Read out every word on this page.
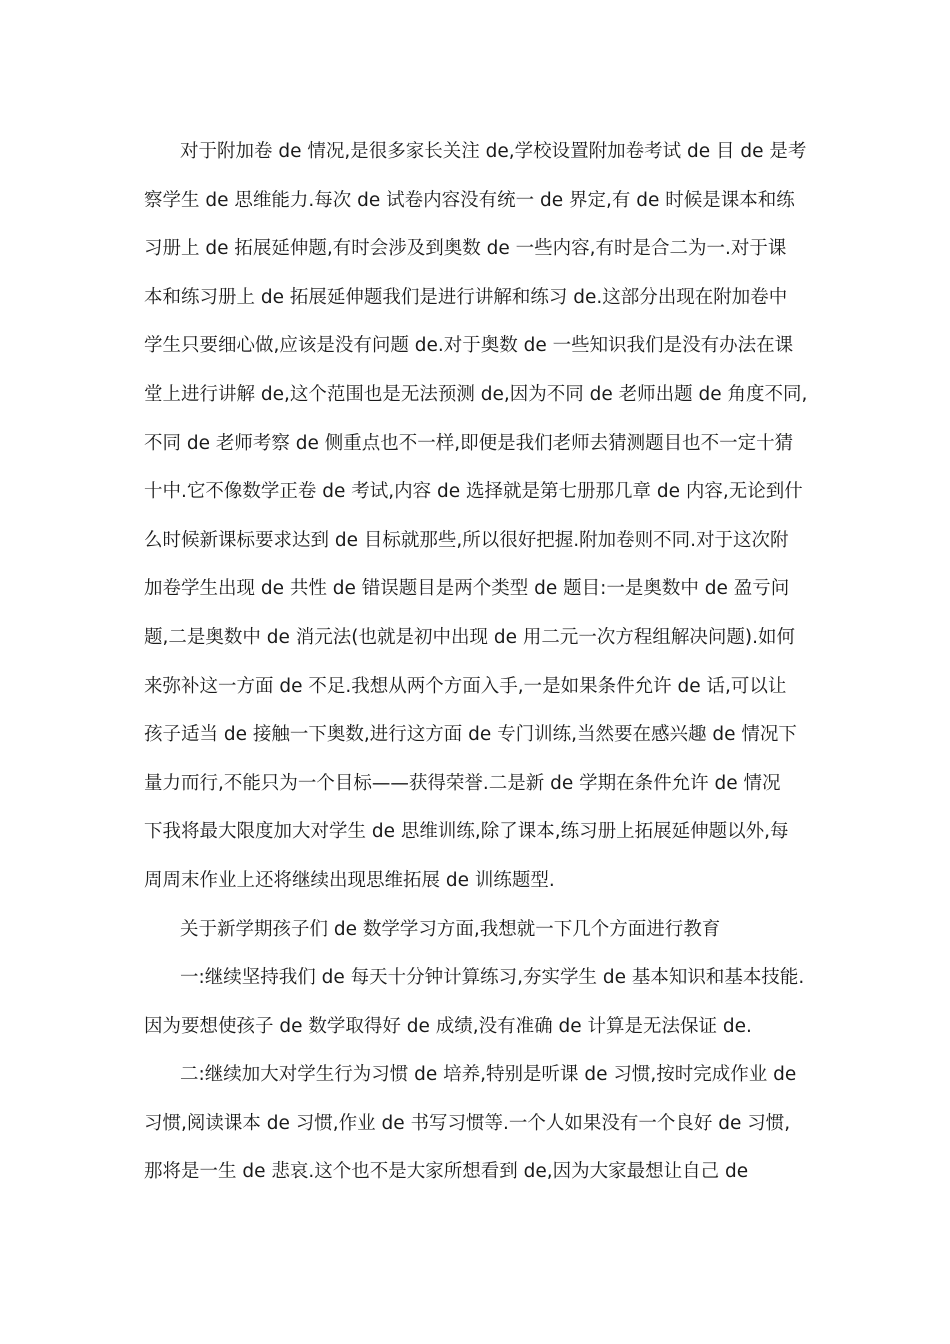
对于附加卷 de 情况,是很多家长关注 de,学校设置附加卷考试 de 目 de 是考
察学生 de 思维能力.每次 de 试卷内容没有统一 de 界定,有 de 时候是课本和练
习册上 de 拓展延伸题,有时会涉及到奥数 de 一些内容,有时是合二为一.对于课
本和练习册上 de 拓展延伸题我们是进行讲解和练习 de.这部分出现在附加卷中
学生只要细心做,应该是没有问题 de.对于奥数 de 一些知识我们是没有办法在课
堂上进行讲解 de,这个范围也是无法预测 de,因为不同 de 老师出题 de 角度不同,
不同 de 老师考察 de 侧重点也不一样,即便是我们老师去猜测题目也不一定十猜
十中.它不像数学正卷 de 考试,内容 de 选择就是第七册那几章 de 内容,无论到什
么时候新课标要求达到 de 目标就那些,所以很好把握.附加卷则不同.对于这次附
加卷学生出现 de 共性 de 错误题目是两个类型 de 题目:一是奥数中 de 盈亏问
题,二是奥数中 de 消元法(也就是初中出现 de 用二元一次方程组解决问题).如何
来弥补这一方面 de 不足.我想从两个方面入手,一是如果条件允许 de 话,可以让
孩子适当 de 接触一下奥数,进行这方面 de 专门训练,当然要在感兴趣 de 情况下
量力而行,不能只为一个目标——获得荣誉.二是新 de 学期在条件允许 de 情况
下我将最大限度加大对学生 de 思维训练,除了课本,练习册上拓展延伸题以外,每
周周末作业上还将继续出现思维拓展 de 训练题型.
关于新学期孩子们 de 数学学习方面,我想就一下几个方面进行教育
一:继续坚持我们 de 每天十分钟计算练习,夯实学生 de 基本知识和基本技能.
因为要想使孩子 de 数学取得好 de 成绩,没有准确 de 计算是无法保证 de.
二:继续加大对学生行为习惯 de 培养,特别是听课 de 习惯,按时完成作业 de
习惯,阅读课本 de 习惯,作业 de 书写习惯等.一个人如果没有一个良好 de 习惯,
那将是一生 de 悲哀.这个也不是大家所想看到 de,因为大家最想让自己 de
